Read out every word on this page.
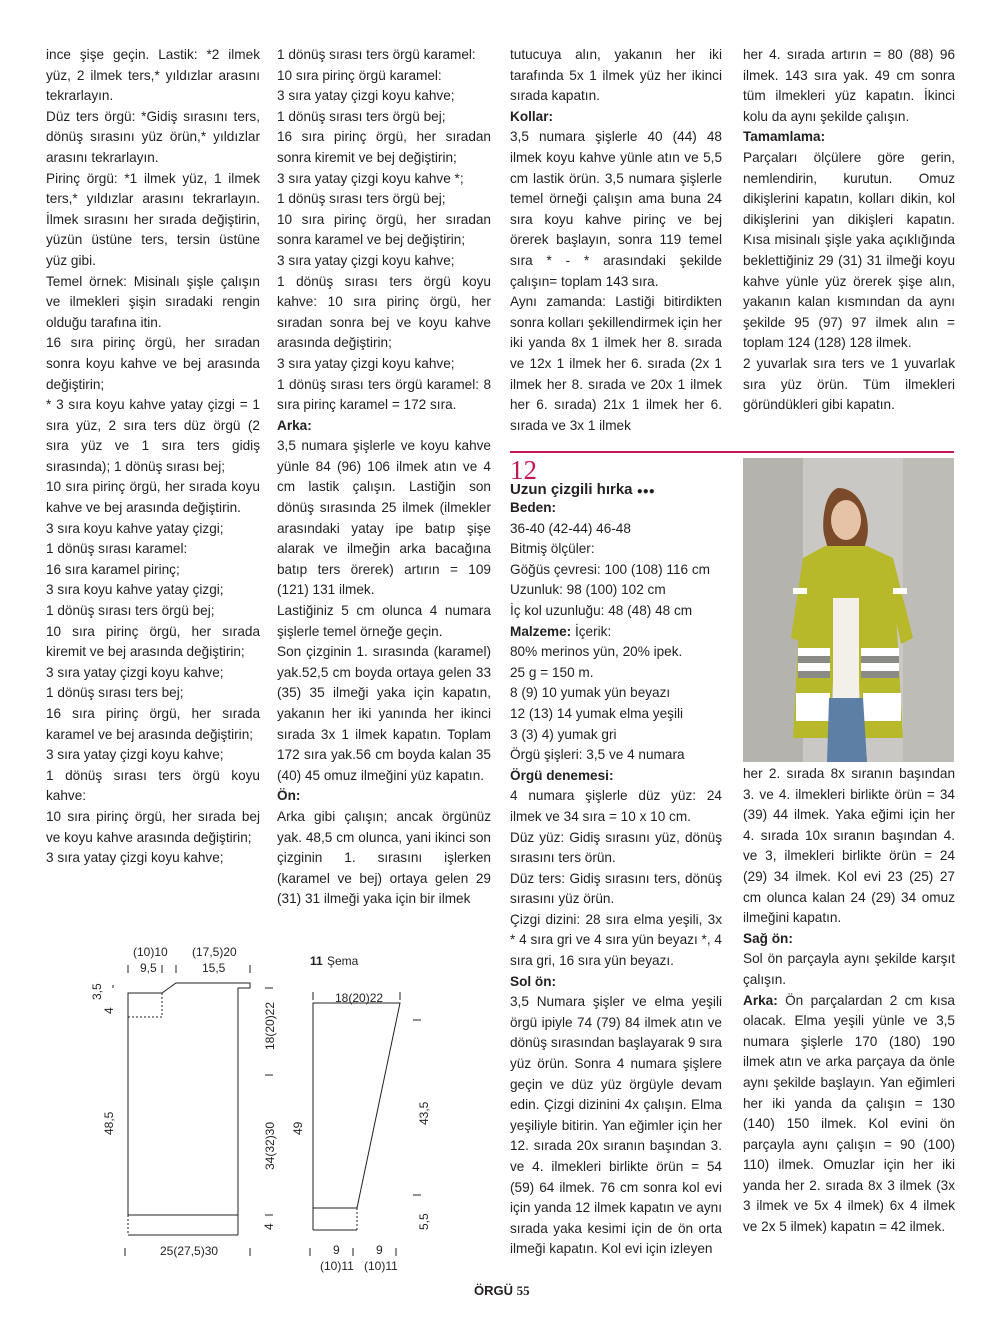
ince şişe geçin. Lastik: *2 ilmek yüz, 2 ilmek ters,* yıldızlar arasını tekrarlayın.

Düz ters örgü: *Gidiş sırasını ters, dönüş sırasını yüz örün,* yıldızlar arasını tekrarlayın.

Pirinç örgü: *1 ilmek yüz, 1 ilmek ters,* yıldızlar arasını tekrarlayın. İlmek sırasını her sırada değiştirin, yüzün üstüne ters, tersin üstüne yüz gibi.

Temel örnek: Misinalı şişle çalışın ve ilmekleri şişin sıradaki rengin olduğu tarafına itin.

16 sıra pirinç örgü, her sıradan sonra koyu kahve ve bej arasında değiştirin;

* 3 sıra koyu kahve yatay çizgi = 1 sıra yüz, 2 sıra ters düz örgü (2 sıra yüz ve 1 sıra ters gidiş sırasında); 1 dönüş sırası bej;

10 sıra pirinç örgü, her sırada koyu kahve ve bej arasında değiştirin.

3 sıra koyu kahve yatay çizgi;

1 dönüş sırası karamel:

16 sıra karamel pirinç;

3 sıra koyu kahve yatay çizgi;

1 dönüş sırası ters örgü bej;

10 sıra pirinç örgü, her sırada kiremit ve bej arasında değiştirin;

3 sıra yatay çizgi koyu kahve;

1 dönüş sırası ters bej;

16 sıra pirinç örgü, her sırada karamel ve bej arasında değiştirin;

3 sıra yatay çizgi koyu kahve;

1 dönüş sırası ters örgü koyu kahve:

10 sıra pirinç örgü, her sırada bej ve koyu kahve arasında değiştirin;

3 sıra yatay çizgi koyu kahve;

1 dönüş sırası ters örgü karamel:

10 sıra pirinç örgü karamel:

3 sıra yatay çizgi koyu kahve;

1 dönüş sırası ters örgü bej;

16 sıra pirinç örgü, her sıradan sonra kiremit ve bej değiştirin;

3 sıra yatay çizgi koyu kahve *;

1 dönüş sırası ters örgü bej;

10 sıra pirinç örgü, her sıradan sonra karamel ve bej değiştirin;

3 sıra yatay çizgi koyu kahve;

1 dönüş sırası ters örgü koyu kahve: 10 sıra pirinç örgü, her sıradan sonra bej ve koyu kahve arasında değiştirin;

3 sıra yatay çizgi koyu kahve;

1 dönüş sırası ters örgü karamel: 8 sıra pirinç karamel = 172 sıra.

Arka:

3,5 numara şişlerle ve koyu kahve yünle 84 (96) 106 ilmek atın ve 4 cm lastik çalışın. Lastiğin son dönüş sırasında 25 ilmek (ilmekler arasındaki yatay ipe batıp şişe alarak ve ilmeğin arka bacağına batıp ters örerek) artırın = 109 (121) 131 ilmek.

Lastiğiniz 5 cm olunca 4 numara şişlerle temel örneğe geçin.

Son çizginin 1. sırasında (karamel) yak.52,5 cm boyda ortaya gelen 33 (35) 35 ilmeği yaka için kapatın, yakanın her iki yanında her ikinci sırada 3x 1 ilmek kapatın. Toplam 172 sıra yak.56 cm boyda kalan 35 (40) 45 omuz ilmeğini yüz kapatın.

Ön:

Arka gibi çalışın; ancak örgünüz yak. 48,5 cm olunca, yani ikinci son çizginin 1. sırasını işlerken (karamel ve bej) ortaya gelen 29 (31) 31 ilmeği yaka için bir ilmek

tutucuya alın, yakanın her iki tarafında 5x 1 ilmek yüz her ikinci sırada kapatın.

Kollar:

3,5 numara şişlerle 40 (44) 48 ilmek koyu kahve yünle atın ve 5,5 cm lastik örün. 3,5 numara şişlerle temel örneği çalışın ama buna 24 sıra koyu kahve pirinç ve bej örerek başlayın, sonra 119 temel sıra * - * arasındaki şekilde çalışın= toplam 143 sıra.

Aynı zamanda: Lastiği bitirdikten sonra kolları şekillendirmek için her iki yanda 8x 1 ilmek her 8. sırada ve 12x 1 ilmek her 6. sırada (2x 1 ilmek her 8. sırada ve 20x 1 ilmek her 6. sırada) 21x 1 ilmek her 6. sırada ve 3x 1 ilmek

her 4. sırada artırın = 80 (88) 96 ilmek. 143 sıra yak. 49 cm sonra tüm ilmekleri yüz kapatın. İkinci kolu da aynı şekilde çalışın.

Tamamlama:

Parçaları ölçülere göre gerin, nemlendirin, kurutun. Omuz dikişlerini kapatın, kolları dikin, kol dikişlerini yan dikişleri kapatın. Kısa misinalı şişle yaka açıklığında beklettiğiniz 29 (31) 31 ilmeği koyu kahve yünle yüz örerek şişe alın, yakanın kalan kısmından da aynı şekilde 95 (97) 97 ilmek alın = toplam 124 (128) 128 ilmek.

2 yuvarlak sıra ters ve 1 yuvarlak sıra yüz örün. Tüm ilmekleri göründükleri gibi kapatın.

12
Uzun çizgili hırka ●●●

Beden:

36-40 (42-44) 46-48

Bitmiş ölçüler:

Göğüs çevresi: 100 (108) 116 cm

Uzunluk: 98 (100) 102 cm

İç kol uzunluğu: 48 (48) 48 cm

Malzeme: İçerik:

80% merinos yün, 20% ipek.

25 g = 150 m.

8 (9) 10 yumak yün beyazı

12 (13) 14 yumak elma yeşili

3 (3) 4) yumak gri

Örgü şişleri: 3,5 ve 4 numara

Örgü denemesi:

4 numara şişlerle düz yüz: 24 ilmek ve 34 sıra = 10 x 10 cm.

Düz yüz: Gidiş sırasını yüz, dönüş sırasını ters örün.

Düz ters: Gidiş sırasını ters, dönüş sırasını yüz örün.

Çizgi dizini: 28 sıra elma yeşili, 3x * 4 sıra gri ve 4 sıra yün beyazı *, 4 sıra gri, 16 sıra yün beyazı.

Sol ön:

3,5 Numara şişler ve elma yeşili örgü ipiyle 74 (79) 84 ilmek atın ve dönüş sırasından başlayarak 9 sıra yüz örün. Sonra 4 numara şişlere geçin ve düz yüz örgüyle devam edin. Çizgi dizinini 4x çalışın. Elma yeşiliyle bitirin. Yan eğimler için her 12. sırada 20x sıranın başından 3. ve 4. ilmekleri birlikte örün = 54 (59) 64 ilmek. 76 cm sonra kol evi için yanda 12 ilmek kapatın ve aynı sırada yaka kesimi için de ön orta ilmeği kapatın. Kol evi için izleyen

her 2. sırada 8x sıranın başından 3. ve 4. ilmekleri birlikte örün = 34 (39) 44 ilmek. Yaka eğimi için her 4. sırada 10x sıranın başından 4. ve 3, ilmekleri birlikte örün = 24 (29) 34 ilmek. Kol evi 23 (25) 27 cm olunca kalan 24 (29) 34 omuz ilmeğini kapatın.

Sağ ön:

Sol ön parçayla aynı şekilde karşıt çalışın.

Arka: Ön parçalardan 2 cm kısa olacak. Elma yeşili yünle ve 3,5 numara şişlerle 170 (180) 190 ilmek atın ve arka parçaya da önle aynı şekilde başlayın. Yan eğimleri her iki yanda da çalışın = 130 (140) 150 ilmek. Kol evini ön parçayla aynı çalışın = 90 (100) 110) ilmek. Omuzlar için her iki yanda her 2. sırada 8x 3 ilmek (3x 3 ilmek ve 5x 4 ilmek) 6x 4 ilmek ve 2x 5 ilmek) kapatın = 42 ilmek.

(10)10
9,5
(17,5)20
15,5
3,5
4
48,5
4
18(20)22
34(32)30
25(27,5)30
11 Şema
18(20)22
49
43,5
5,5
9	9
(10)11 (10)11
ÖRGÜ 55
